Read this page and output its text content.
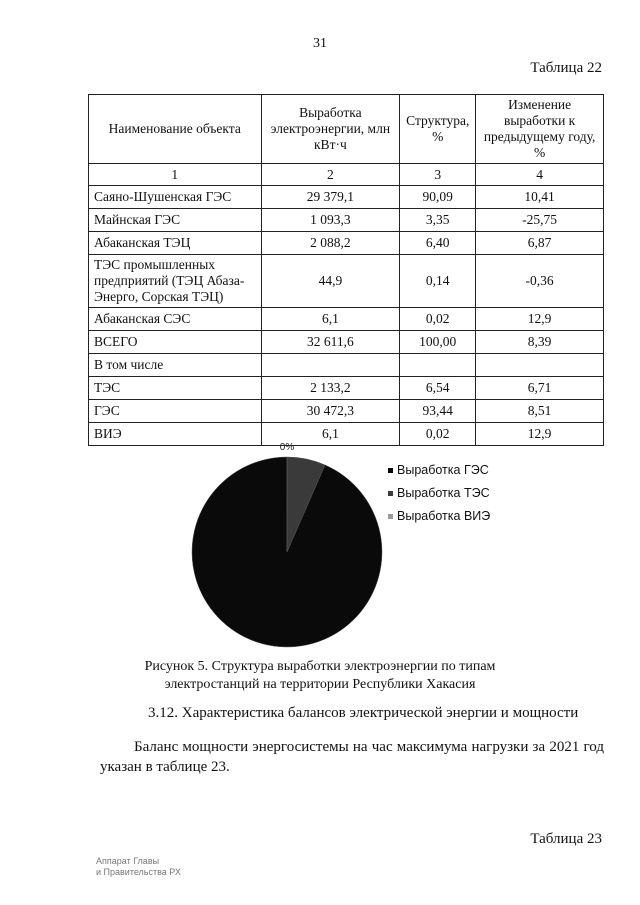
31
Таблица 22
Наименование объекта	Выработка электроэнергии, млн кВт·ч	Структура, %	Изменение выработки к предыдущему году, %
1	2	3	4
Саяно-Шушенская ГЭС	29 379,1	90,09	10,41
Майнская ГЭС	1 093,3	3,35	-25,75
Абаканская ТЭЦ	2 088,2	6,40	6,87
ТЭС промышленных предприятий (ТЭЦ Абаза-Энерго, Сорская ТЭЦ)	44,9	0,14	-0,36
Абаканская СЭС	6,1	0,02	12,9
ВСЕГО	32 611,6	100,00	8,39
В том числе			
ТЭС	2 133,2	6,54	6,71
ГЭС	30 472,3	93,44	8,51
ВИЭ	6,1	0,02	12,9
0%
Выработка ГЭС
Выработка ТЭС
Выработка ВИЭ
Рисунок 5. Структура выработки электроэнергии по типам
электростанций на территории Республики Хакасия
3.12. Характеристика балансов электрической энергии и мощности
Баланс мощности энергосистемы на час максимума нагрузки за 2021 год указан в таблице 23.
Таблица 23
Аппарат Главы
и Правительства РХ
